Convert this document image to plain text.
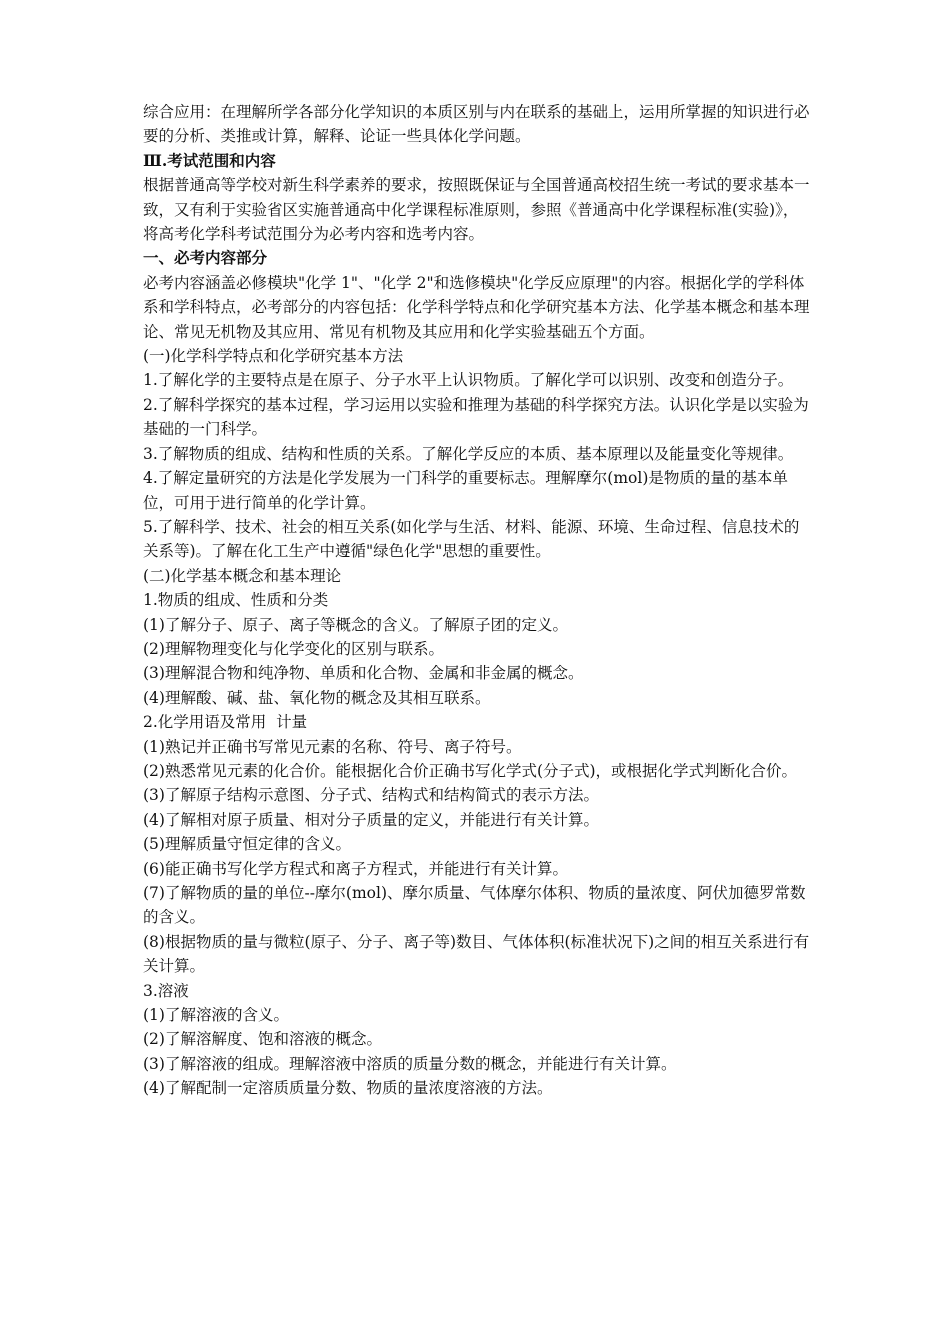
综合应用：在理解所学各部分化学知识的本质区别与内在联系的基础上，运用所掌握的知识进行必要的分析、类推或计算，解释、论证一些具体化学问题。

Ⅲ.考试范围和内容

根据普通高等学校对新生科学素养的要求，按照既保证与全国普通高校招生统一考试的要求基本一致，又有利于实验省区实施普通高中化学课程标准原则，参照《普通高中化学课程标准(实验)》，将高考化学科考试范围分为必考内容和选考内容。

一、必考内容部分

必考内容涵盖必修模块"化学 1"、"化学 2"和选修模块"化学反应原理"的内容。根据化学的学科体系和学科特点，必考部分的内容包括：化学科学特点和化学研究基本方法、化学基本概念和基本理论、常见无机物及其应用、常见有机物及其应用和化学实验基础五个方面。

(一)化学科学特点和化学研究基本方法

1.了解化学的主要特点是在原子、分子水平上认识物质。了解化学可以识别、改变和创造分子。

2.了解科学探究的基本过程，学习运用以实验和推理为基础的科学探究方法。认识化学是以实验为基础的一门科学。

3.了解物质的组成、结构和性质的关系。了解化学反应的本质、基本原理以及能量变化等规律。

4.了解定量研究的方法是化学发展为一门科学的重要标志。理解摩尔(mol)是物质的量的基本单位，可用于进行简单的化学计算。

5.了解科学、技术、社会的相互关系(如化学与生活、材料、能源、环境、生命过程、信息技术的关系等)。了解在化工生产中遵循"绿色化学"思想的重要性。

(二)化学基本概念和基本理论

1.物质的组成、性质和分类

(1)了解分子、原子、离子等概念的含义。了解原子团的定义。

(2)理解物理变化与化学变化的区别与联系。

(3)理解混合物和纯净物、单质和化合物、金属和非金属的概念。

(4)理解酸、碱、盐、氧化物的概念及其相互联系。

2.化学用语及常用  计量

(1)熟记并正确书写常见元素的名称、符号、离子符号。

(2)熟悉常见元素的化合价。能根据化合价正确书写化学式(分子式)，或根据化学式判断化合价。

(3)了解原子结构示意图、分子式、结构式和结构简式的表示方法。

(4)了解相对原子质量、相对分子质量的定义，并能进行有关计算。

(5)理解质量守恒定律的含义。

(6)能正确书写化学方程式和离子方程式，并能进行有关计算。

(7)了解物质的量的单位--摩尔(mol)、摩尔质量、气体摩尔体积、物质的量浓度、阿伏加德罗常数的含义。

(8)根据物质的量与微粒(原子、分子、离子等)数目、气体体积(标准状况下)之间的相互关系进行有关计算。

3.溶液

(1)了解溶液的含义。

(2)了解溶解度、饱和溶液的概念。

(3)了解溶液的组成。理解溶液中溶质的质量分数的概念，并能进行有关计算。

(4)了解配制一定溶质质量分数、物质的量浓度溶液的方法。
